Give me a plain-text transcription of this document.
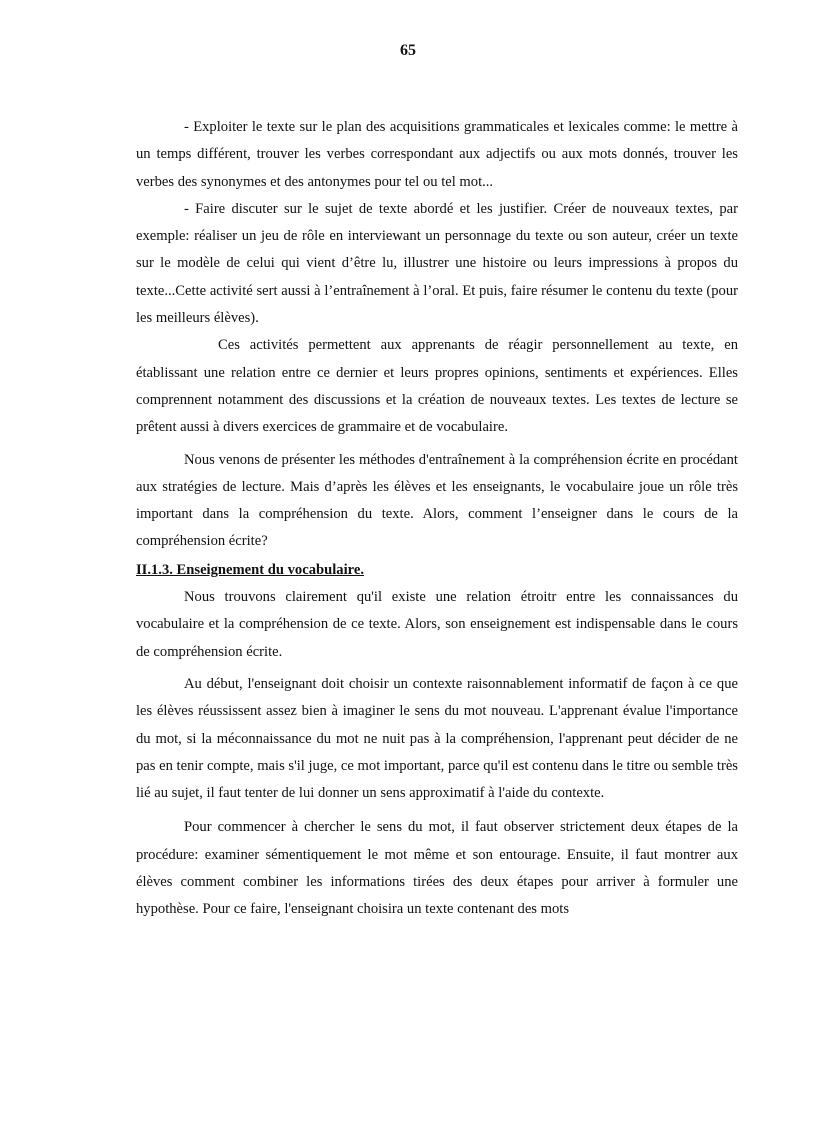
65

- Exploiter le texte sur le plan des acquisitions grammaticales et lexicales comme: le mettre à un temps différent, trouver les verbes correspondant aux adjectifs ou aux mots donnés, trouver les verbes des synonymes et des antonymes pour tel ou tel mot...

- Faire discuter sur le sujet de texte abordé et les justifier. Créer de nouveaux textes, par exemple: réaliser un jeu de rôle en interviewant un personnage du texte ou son auteur, créer un texte sur le modèle de celui qui vient d’être lu, illustrer une histoire ou leurs impressions à propos du texte...Cette activité sert aussi à l’entraînement à l’oral. Et puis, faire résumer le contenu du texte (pour les meilleurs élèves).

Ces activités permettent aux apprenants de réagir personnellement au texte, en établissant une relation entre ce dernier et leurs propres opinions, sentiments et expériences. Elles comprennent notamment des discussions et la création de nouveaux textes. Les textes de lecture se prêtent aussi à divers exercices de grammaire et de vocabulaire.

Nous venons de présenter les méthodes d'entraînement à la compréhension écrite en procédant aux stratégies de lecture. Mais d’après les élèves et les enseignants, le vocabulaire joue un rôle très important dans la compréhension du texte. Alors, comment l’enseigner dans le cours de la compréhension écrite?

II.1.3. Enseignement du vocabulaire.

Nous trouvons clairement qu'il existe une relation étroitr entre les connaissances du vocabulaire et la compréhension de ce texte. Alors, son enseignement est indispensable dans le cours de compréhension écrite.

Au début, l'enseignant doit choisir un contexte raisonnablement informatif de façon à ce que les élèves réussissent assez bien à imaginer le sens du mot nouveau. L'apprenant évalue l'importance du mot, si la méconnaissance du mot ne nuit pas à la compréhension, l'apprenant peut décider de ne pas en tenir compte, mais s'il juge, ce mot important, parce qu'il est contenu dans le titre ou semble très lié au sujet, il faut tenter de lui donner un sens approximatif à l'aide du contexte.

Pour commencer à chercher le sens du mot, il faut observer strictement deux étapes de la procédure: examiner sémentiquement le mot même et son entourage. Ensuite, il faut montrer aux élèves comment combiner les informations tirées des deux étapes pour arriver à formuler une hypothèse. Pour ce faire, l'enseignant choisira un texte contenant des mots
